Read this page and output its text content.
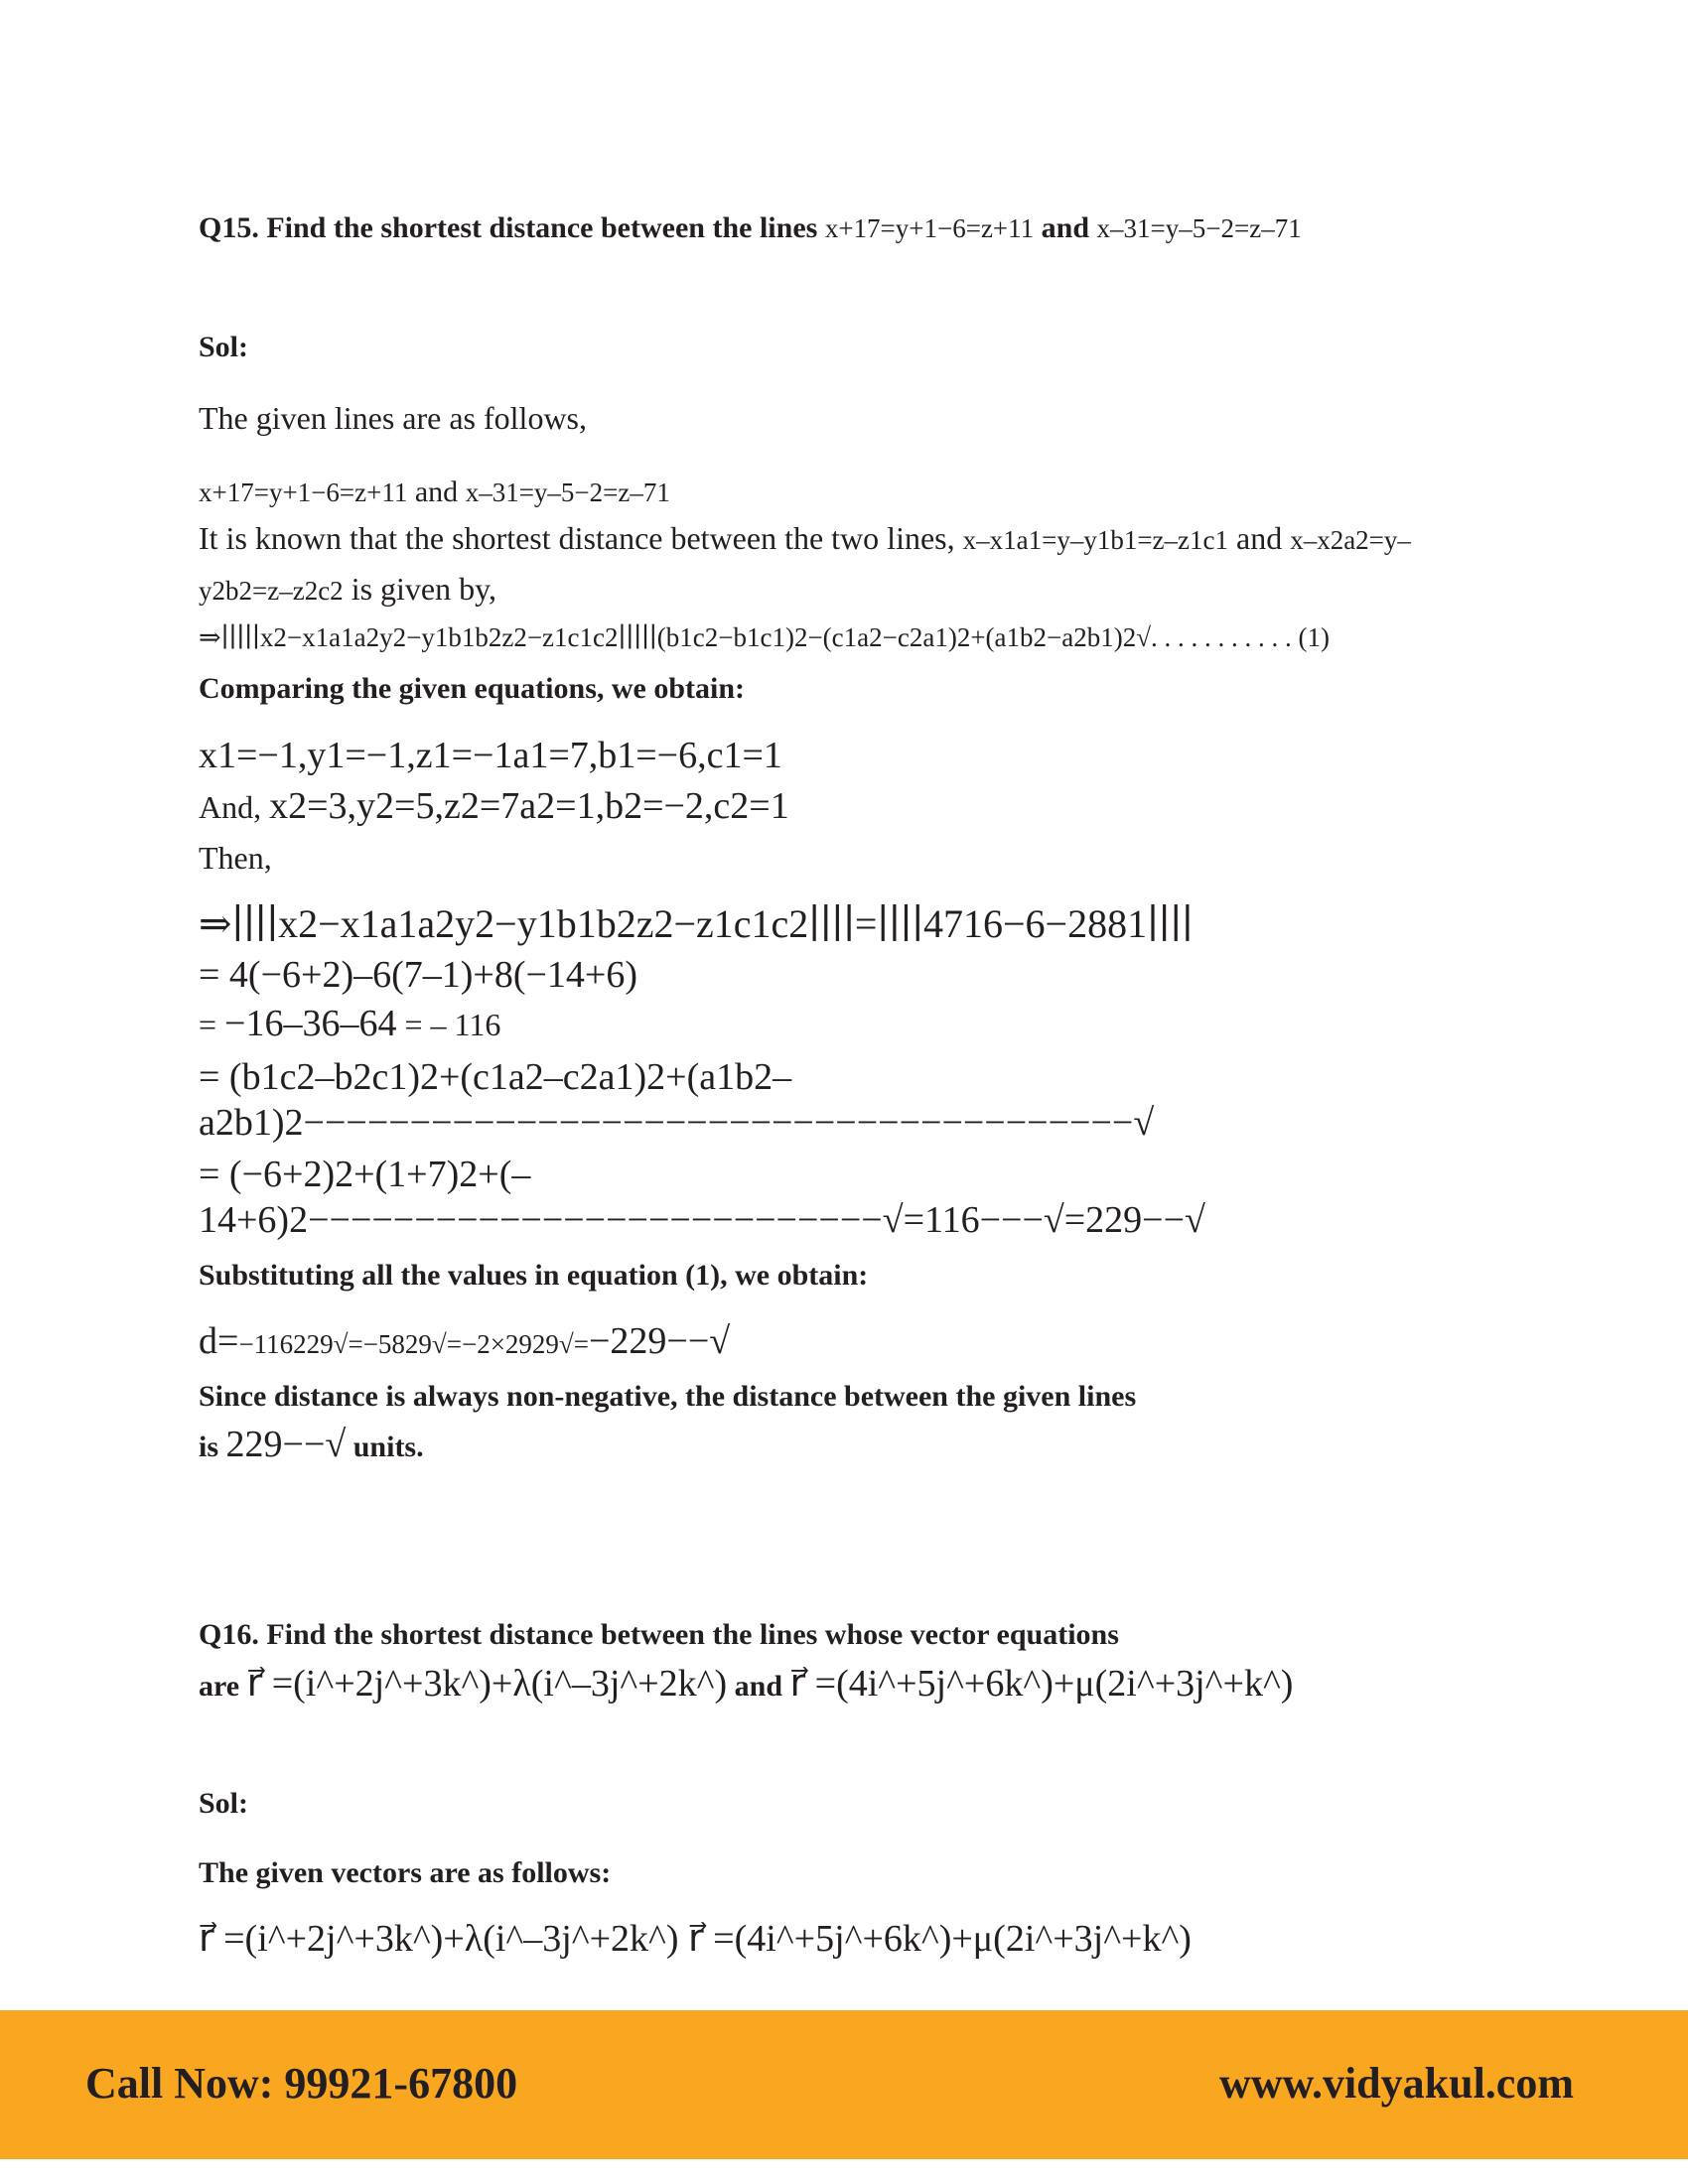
Q15. Find the shortest distance between the lines x+17=y+1−6=z+11 and x–31=y–5−2=z–71
Sol:
The given lines are as follows,
x+17=y+1−6=z+11 and x–31=y–5−2=z–71
It is known that the shortest distance between the two lines, x–x1a1=y–y1b1=z–z1c1 and x–x2a2=y–
y2b2=z–z2c2 is given by,
⇒∣∣∣∣∣x2−x1a1a2y2−y1b1b2z2−z1c1c2∣∣∣∣∣(b1c2−b1c1)2−(c1a2−c2a1)2+(a1b2−a2b1)2√. . . . . . . . . . . (1)
Comparing the given equations, we obtain:
x1=−1,y1=−1,z1=−1a1=7,b1=−6,c1=1
And, x2=3,y2=5,z2=7a2=1,b2=−2,c2=1
Then,
⇒∣∣∣∣x2−x1a1a2y2−y1b1b2z2−z1c1c2∣∣∣∣=∣∣∣∣4716−6−2881∣∣∣∣
= 4(−6+2)–6(7–1)+8(−14+6)
= −16–36–64 = – 116
= (b1c2–b2c1)2+(c1a2–c2a1)2+(a1b2–
a2b1)2−−−−−−−−−−−−−−−−−−−−−−−−−−−−−−−−−−−−−−−√
= (−6+2)2+(1+7)2+(–
14+6)2−−−−−−−−−−−−−−−−−−−−−−−−−−−√=116−−−√=229−−√
Substituting all the values in equation (1), we obtain:
d=−116229√=−5829√=−2×2929√=−229−−√
Since distance is always non-negative, the distance between the given lines
is 229−−√ units.
Q16. Find the shortest distance between the lines whose vector equations
are r⃗ =(i^+2j^+3k^)+λ(i^–3j^+2k^) and r⃗ =(4i^+5j^+6k^)+μ(2i^+3j^+k^)
Sol:
The given vectors are as follows:
r⃗ =(i^+2j^+3k^)+λ(i^–3j^+2k^) r⃗ =(4i^+5j^+6k^)+μ(2i^+3j^+k^)
Call Now: 99921-67800	www.vidyakul.com
